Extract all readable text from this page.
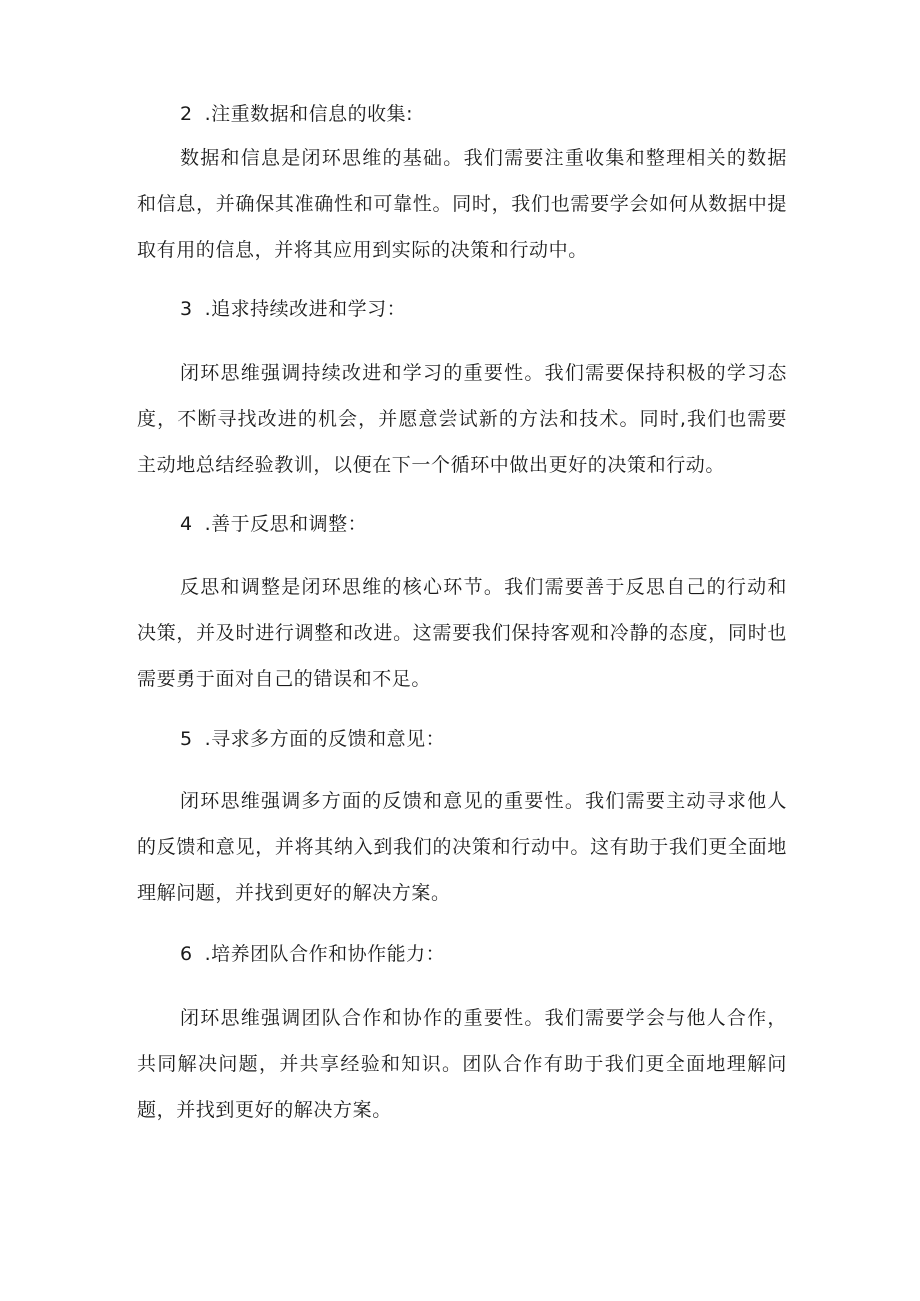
2 .注重数据和信息的收集:
数据和信息是闭环思维的基础。我们需要注重收集和整理相关的数据和信息，并确保其准确性和可靠性。同时，我们也需要学会如何从数据中提取有用的信息，并将其应用到实际的决策和行动中。
3 .追求持续改进和学习：
闭环思维强调持续改进和学习的重要性。我们需要保持积极的学习态度，不断寻找改进的机会，并愿意尝试新的方法和技术。同时,我们也需要主动地总结经验教训，以便在下一个循环中做出更好的决策和行动。
4 .善于反思和调整：
反思和调整是闭环思维的核心环节。我们需要善于反思自己的行动和决策，并及时进行调整和改进。这需要我们保持客观和冷静的态度，同时也需要勇于面对自己的错误和不足。
5 .寻求多方面的反馈和意见：
闭环思维强调多方面的反馈和意见的重要性。我们需要主动寻求他人的反馈和意见，并将其纳入到我们的决策和行动中。这有助于我们更全面地理解问题，并找到更好的解决方案。
6 .培养团队合作和协作能力：
闭环思维强调团队合作和协作的重要性。我们需要学会与他人合作，共同解决问题，并共享经验和知识。团队合作有助于我们更全面地理解问题，并找到更好的解决方案。
